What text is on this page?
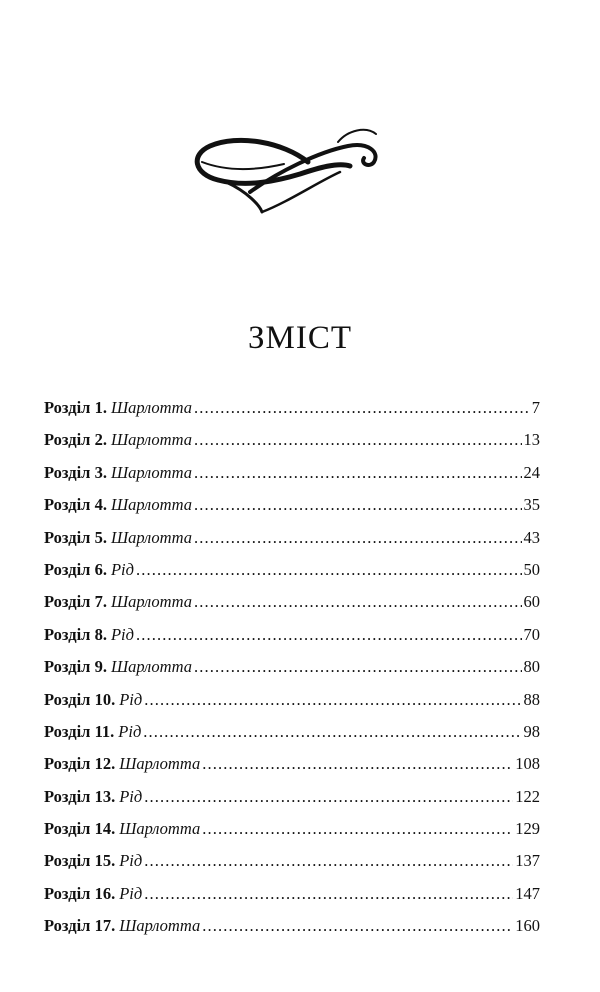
ЗМІСТ
Розділ 1. Шарлотта . . .	7
Розділ 2. Шарлотта . . .	13
Розділ 3. Шарлотта . . .	24
Розділ 4. Шарлотта . . .	35
Розділ 5. Шарлотта . . .	43
Розділ 6. Рід . . .	50
Розділ 7. Шарлотта . . .	60
Розділ 8. Рід . . .	70
Розділ 9. Шарлотта . . .	80
Розділ 10. Рід . . .	88
Розділ 11. Рід . . .	98
Розділ 12. Шарлотта . . .	108
Розділ 13. Рід . . .	122
Розділ 14. Шарлотта . . .	129
Розділ 15. Рід . . .	137
Розділ 16. Рід . . .	147
Розділ 17. Шарлотта . . .	160
